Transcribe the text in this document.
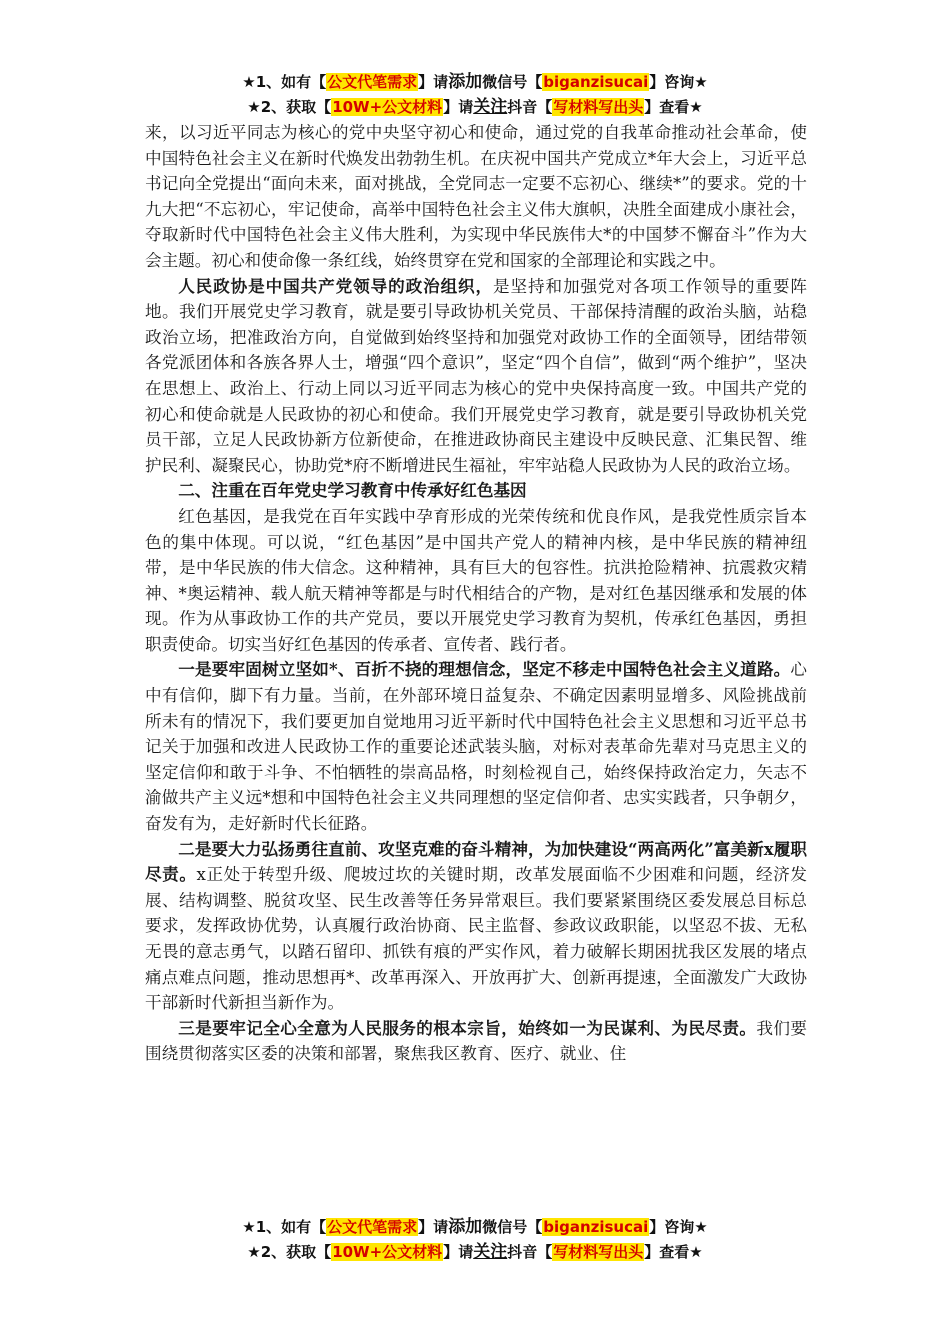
★1、如有【公文代笔需求】请添加微信号【biganzisucai】咨询★
★2、获取【10W+公文材料】请关注抖音【写材料写出头】查看★

来，以习近平同志为核心的党中央坚守初心和使命，通过党的自我革命推动社会革命，使中国特色社会主义在新时代焕发出勃勃生机。在庆祝中国共产党成立*年大会上，习近平总书记向全党提出“面向未来，面对挑战，全党同志一定要不忘初心、继续*”的要求。党的十九大把“不忘初心，牢记使命，高举中国特色社会主义伟大旗帜，决胜全面建成小康社会，夺取新时代中国特色社会主义伟大胜利，为实现中华民族伟大*的中国梦不懈奋斗”作为大会主题。初心和使命像一条红线，始终贯穿在党和国家的全部理论和实践之中。

人民政协是中国共产党领导的政治组织，是坚持和加强党对各项工作领导的重要阵地。我们开展党史学习教育，就是要引导政协机关党员、干部保持清醒的政治头脑，站稳政治立场，把准政治方向，自觉做到始终坚持和加强党对政协工作的全面领导，团结带领各党派团体和各族各界人士，增强“四个意识”，坚定“四个自信”，做到“两个维护”，坚决在思想上、政治上、行动上同以习近平同志为核心的党中央保持高度一致。中国共产党的初心和使命就是人民政协的初心和使命。我们开展党史学习教育，就是要引导政协机关党员干部，立足人民政协新方位新使命，在推进政协商民主建设中反映民意、汇集民智、维护民利、凝聚民心，协助党*府不断增进民生福祉，牢牢站稳人民政协为人民的政治立场。

二、注重在百年党史学习教育中传承好红色基因

红色基因，是我党在百年实践中孕育形成的光荣传统和优良作风，是我党性质宗旨本色的集中体现。可以说，“红色基因”是中国共产党人的精神内核，是中华民族的精神纽带，是中华民族的伟大信念。这种精神，具有巨大的包容性。抗洪抢险精神、抗震救灾精神、*奥运精神、载人航天精神等都是与时代相结合的产物，是对红色基因继承和发展的体现。作为从事政协工作的共产党员，要以开展党史学习教育为契机，传承红色基因，勇担职责使命。切实当好红色基因的传承者、宣传者、践行者。

一是要牢固树立坚如*、百折不挠的理想信念，坚定不移走中国特色社会主义道路。心中有信仰，脚下有力量。当前，在外部环境日益复杂、不确定因素明显增多、风险挑战前所未有的情况下，我们要更加自觉地用习近平新时代中国特色社会主义思想和习近平总书记关于加强和改进人民政协工作的重要论述武装头脑，对标对表革命先辈对马克思主义的坚定信仰和敢于斗争、不怕牺牲的崇高品格，时刻检视自己，始终保持政治定力，矢志不渝做共产主义远*想和中国特色社会主义共同理想的坚定信仰者、忠实实践者，只争朝夕，奋发有为，走好新时代长征路。

二是要大力弘扬勇往直前、攻坚克难的奋斗精神，为加快建设“两高两化”富美新x履职尽责。x正处于转型升级、爬坡过坎的关键时期，改革发展面临不少困难和问题，经济发展、结构调整、脱贫攻坚、民生改善等任务异常艰巨。我们要紧紧围绕区委发展总目标总要求，发挥政协优势，认真履行政治协商、民主监督、参政议政职能，以坚忍不拔、无私无畏的意志勇气，以踏石留印、抓铁有痕的严实作风，着力破解长期困扰我区发展的堵点痛点难点问题，推动思想再*、改革再深入、开放再扩大、创新再提速，全面激发广大政协干部新时代新担当新作为。

三是要牢记全心全意为人民服务的根本宗旨，始终如一为民谋利、为民尽责。我们要围绕贯彻落实区委的决策和部署，聚焦我区教育、医疗、就业、住

★1、如有【公文代笔需求】请添加微信号【biganzisucai】咨询★
★2、获取【10W+公文材料】请关注抖音【写材料写出头】查看★
